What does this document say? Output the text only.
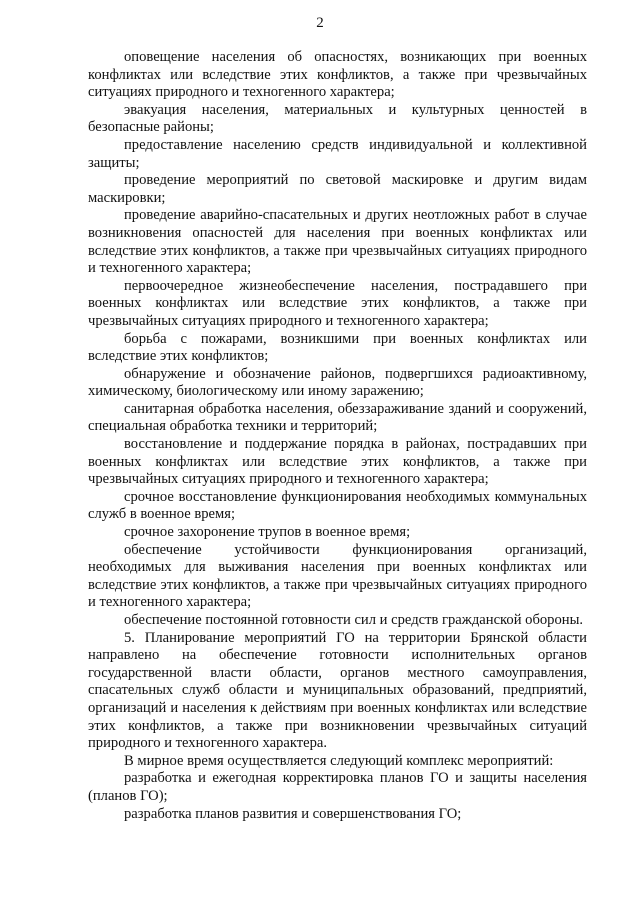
2

оповещение населения об опасностях, возникающих при военных конфликтах или вследствие этих конфликтов, а также при чрезвычайных ситуациях природного и техногенного характера;

эвакуация населения, материальных и культурных ценностей в безопасные районы;

предоставление населению средств индивидуальной и коллективной защиты;

проведение мероприятий по световой маскировке и другим видам маскировки;

проведение аварийно-спасательных и других неотложных работ в случае возникновения опасностей для населения при военных конфликтах или вследствие этих конфликтов, а также при чрезвычайных ситуациях природного и техногенного характера;

первоочередное жизнеобеспечение населения, пострадавшего при военных конфликтах или вследствие этих конфликтов, а также при чрезвычайных ситуациях природного и техногенного характера;

борьба с пожарами, возникшими при военных конфликтах или вследствие этих конфликтов;

обнаружение и обозначение районов, подвергшихся радиоактивному, химическому, биологическому или иному заражению;

санитарная обработка населения, обеззараживание зданий и сооружений, специальная обработка техники и территорий;

восстановление и поддержание порядка в районах, пострадавших при военных конфликтах или вследствие этих конфликтов, а также при чрезвычайных ситуациях природного и техногенного характера;

срочное восстановление функционирования необходимых коммунальных служб в военное время;

срочное захоронение трупов в военное время;

обеспечение устойчивости функционирования организаций, необходимых для выживания населения при военных конфликтах или вследствие этих конфликтов, а также при чрезвычайных ситуациях природного и техногенного характера;

обеспечение постоянной готовности сил и средств гражданской обороны.

5. Планирование мероприятий ГО на территории Брянской области направлено на обеспечение готовности исполнительных органов государственной власти области, органов местного самоуправления, спасательных служб области и муниципальных образований, предприятий, организаций и населения к действиям при военных конфликтах или вследствие этих конфликтов, а также при возникновении чрезвычайных ситуаций природного и техногенного характера.

В мирное время осуществляется следующий комплекс мероприятий:

разработка и ежегодная корректировка планов ГО и защиты населения (планов ГО);

разработка планов развития и совершенствования ГО;
